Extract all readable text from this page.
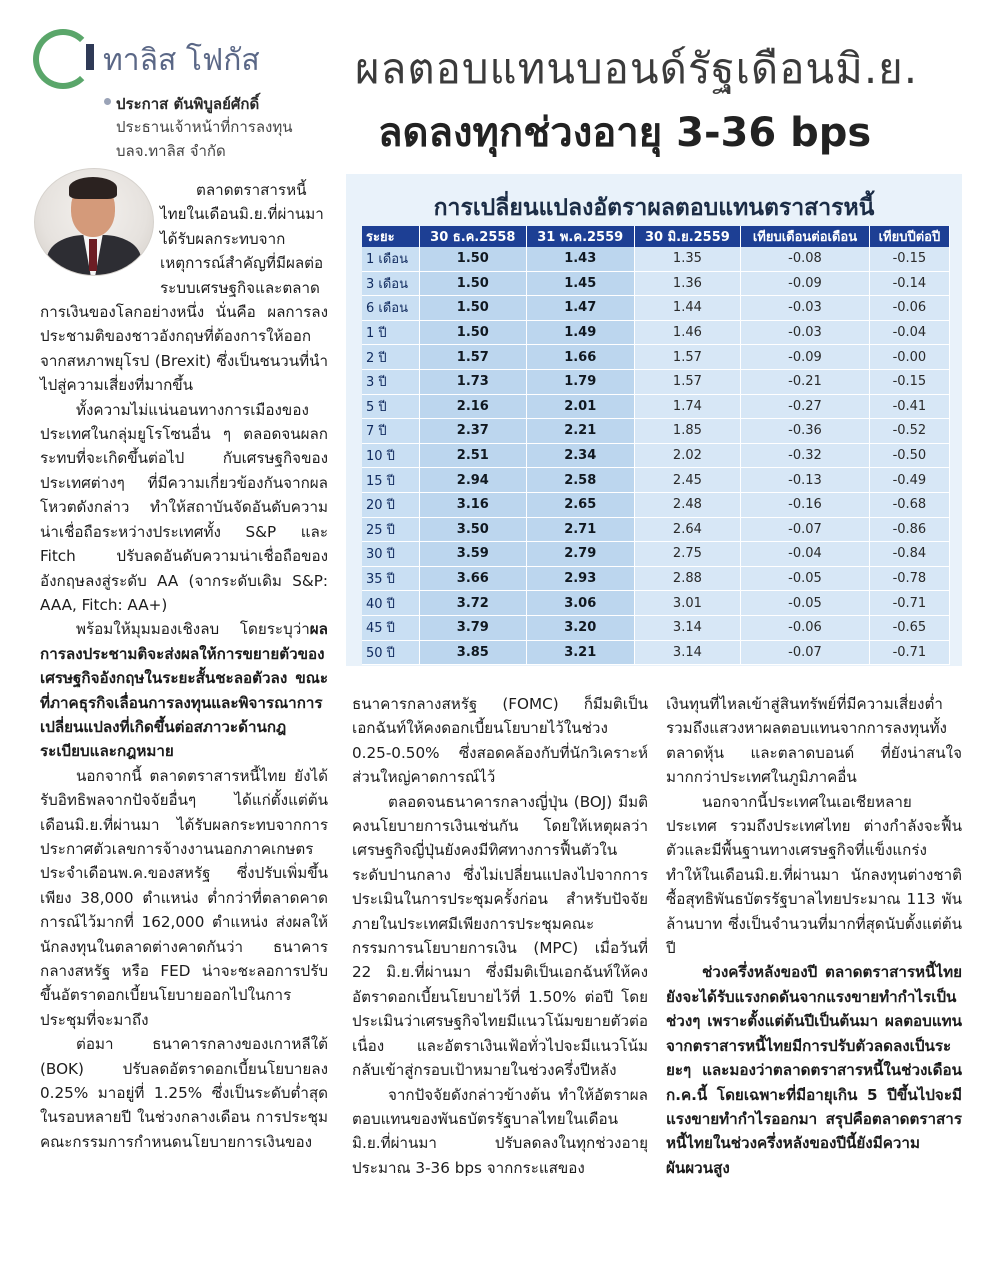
ทาลิส โฟกัส
ประกาส ตันพิบูลย์ศักดิ์
ประธานเจ้าหน้าที่การลงทุน
บลจ.ทาลิส จำกัด
ผลตอบแทนบอนด์รัฐเดือนมิ.ย.
ลดลงทุกช่วงอายุ 3-36 bps
การเปลี่ยนแปลงอัตราผลตอบแทนตราสารหนี้
ระยะ	30 ธ.ค.2558	31 พ.ค.2559	30 มิ.ย.2559	เทียบเดือนต่อเดือน	เทียบปีต่อปี
1 เดือน	1.50	1.43	1.35	-0.08	-0.15
3 เดือน	1.50	1.45	1.36	-0.09	-0.14
6 เดือน	1.50	1.47	1.44	-0.03	-0.06
1 ปี	1.50	1.49	1.46	-0.03	-0.04
2 ปี	1.57	1.66	1.57	-0.09	-0.00
3 ปี	1.73	1.79	1.57	-0.21	-0.15
5 ปี	2.16	2.01	1.74	-0.27	-0.41
7 ปี	2.37	2.21	1.85	-0.36	-0.52
10 ปี	2.51	2.34	2.02	-0.32	-0.50
15 ปี	2.94	2.58	2.45	-0.13	-0.49
20 ปี	3.16	2.65	2.48	-0.16	-0.68
25 ปี	3.50	2.71	2.64	-0.07	-0.86
30 ปี	3.59	2.79	2.75	-0.04	-0.84
35 ปี	3.66	2.93	2.88	-0.05	-0.78
40 ปี	3.72	3.06	3.01	-0.05	-0.71
45 ปี	3.79	3.20	3.14	-0.06	-0.65
50 ปี	3.85	3.21	3.14	-0.07	-0.71

ตลาดตราสารหนี้ไทยในเดือนมิ.ย.ที่ผ่านมา ได้รับผลกระทบจากเหตุการณ์สำคัญที่มีผลต่อระบบเศรษฐกิจและตลาดการเงินของโลกอย่างหนึ่ง นั่นคือ ผลการลงประชามติของชาวอังกฤษที่ต้องการให้ออกจากสหภาพยุโรป (Brexit) ซึ่งเป็นชนวนที่นำไปสู่ความเสี่ยงที่มากขึ้น

ทั้งความไม่แน่นอนทางการเมืองของประเทศในกลุ่มยูโรโซนอื่น ๆ ตลอดจนผลกระทบที่จะเกิดขึ้นต่อไป กับเศรษฐกิจของประเทศต่างๆ ที่มีความเกี่ยวข้องกันจากผลโหวตดังกล่าว ทำให้สถาบันจัดอันดับความน่าเชื่อถือระหว่างประเทศทั้ง S&P และ Fitch ปรับลดอันดับความน่าเชื่อถือของอังกฤษลงสู่ระดับ AA (จากระดับเดิม S&P: AAA, Fitch: AA+)

พร้อมให้มุมมองเชิงลบ โดยระบุว่าผลการลงประชามติจะส่งผลให้การขยายตัวของเศรษฐกิจอังกฤษในระยะสั้นชะลอตัวลง ขณะที่ภาคธุรกิจเลื่อนการลงทุนและพิจารณาการเปลี่ยนแปลงที่เกิดขึ้นต่อสภาวะด้านกฎระเบียบและกฎหมาย

นอกจากนี้ ตลาดตราสารหนี้ไทย ยังได้รับอิทธิพลจากปัจจัยอื่นๆ ได้แก่ตั้งแต่ต้นเดือนมิ.ย.ที่ผ่านมา ได้รับผลกระทบจากการประกาศตัวเลขการจ้างงานนอกภาคเกษตรประจำเดือนพ.ค.ของสหรัฐ ซึ่งปรับเพิ่มขึ้นเพียง 38,000 ตำแหน่ง ต่ำกว่าที่ตลาดคาดการณ์ไว้มากที่ 162,000 ตำแหน่ง ส่งผลให้นักลงทุนในตลาดต่างคาดกันว่า ธนาคารกลางสหรัฐ หรือ FED น่าจะชะลอการปรับขึ้นอัตราดอกเบี้ยนโยบายออกไปในการประชุมที่จะมาถึง

ต่อมา ธนาคารกลางของเกาหลีใต้ (BOK) ปรับลดอัตราดอกเบี้ยนโยบายลง 0.25% มาอยู่ที่ 1.25% ซึ่งเป็นระดับต่ำสุดในรอบหลายปี ในช่วงกลางเดือน การประชุมคณะกรรมการกำหนดนโยบายการเงินของ

ธนาคารกลางสหรัฐ (FOMC) ก็มีมติเป็นเอกฉันท์ให้คงดอกเบี้ยนโยบายไว้ในช่วง 0.25-0.50% ซึ่งสอดคล้องกับที่นักวิเคราะห์ส่วนใหญ่คาดการณ์ไว้

ตลอดจนธนาคารกลางญี่ปุ่น (BOJ) มีมติคงนโยบายการเงินเช่นกัน โดยให้เหตุผลว่า เศรษฐกิจญี่ปุ่นยังคงมีทิศทางการฟื้นตัวในระดับปานกลาง ซึ่งไม่เปลี่ยนแปลงไปจากการประเมินในการประชุมครั้งก่อน สำหรับปัจจัยภายในประเทศมีเพียงการประชุมคณะกรรมการนโยบายการเงิน (MPC) เมื่อวันที่ 22 มิ.ย.ที่ผ่านมา ซึ่งมีมติเป็นเอกฉันท์ให้คงอัตราดอกเบี้ยนโยบายไว้ที่ 1.50% ต่อปี โดยประเมินว่าเศรษฐกิจไทยมีแนวโน้มขยายตัวต่อเนื่อง และอัตราเงินเฟ้อทั่วไปจะมีแนวโน้มกลับเข้าสู่กรอบเป้าหมายในช่วงครึ่งปีหลัง

จากปัจจัยดังกล่าวข้างต้น ทำให้อัตราผลตอบแทนของพันธบัตรรัฐบาลไทยในเดือนมิ.ย.ที่ผ่านมา ปรับลดลงในทุกช่วงอายุประมาณ 3-36 bps จากกระแสของ

เงินทุนที่ไหลเข้าสู่สินทรัพย์ที่มีความเสี่ยงต่ำ รวมถึงแสวงหาผลตอบแทนจากการลงทุนทั้งตลาดหุ้น และตลาดบอนด์ ที่ยังน่าสนใจมากกว่าประเทศในภูมิภาคอื่น

นอกจากนี้ประเทศในเอเชียหลายประเทศ รวมถึงประเทศไทย ต่างกำลังจะฟื้นตัวและมีพื้นฐานทางเศรษฐกิจที่แข็งแกร่ง ทำให้ในเดือนมิ.ย.ที่ผ่านมา นักลงทุนต่างชาติซื้อสุทธิพันธบัตรรัฐบาลไทยประมาณ 113 พันล้านบาท ซึ่งเป็นจำนวนที่มากที่สุดนับตั้งแต่ต้นปี

ช่วงครึ่งหลังของปี ตลาดตราสารหนี้ไทยยังจะได้รับแรงกดดันจากแรงขายทำกำไรเป็นช่วงๆ เพราะตั้งแต่ต้นปีเป็นต้นมา ผลตอบแทนจากตราสารหนี้ไทยมีการปรับตัวลดลงเป็นระยะๆ และมองว่าตลาดตราสารหนี้ในช่วงเดือนก.ค.นี้ โดยเฉพาะที่มีอายุเกิน 5 ปีขึ้นไปจะมีแรงขายทำกำไรออกมา สรุปคือตลาดตราสารหนี้ไทยในช่วงครึ่งหลังของปีนี้ยังมีความผันผวนสูง
